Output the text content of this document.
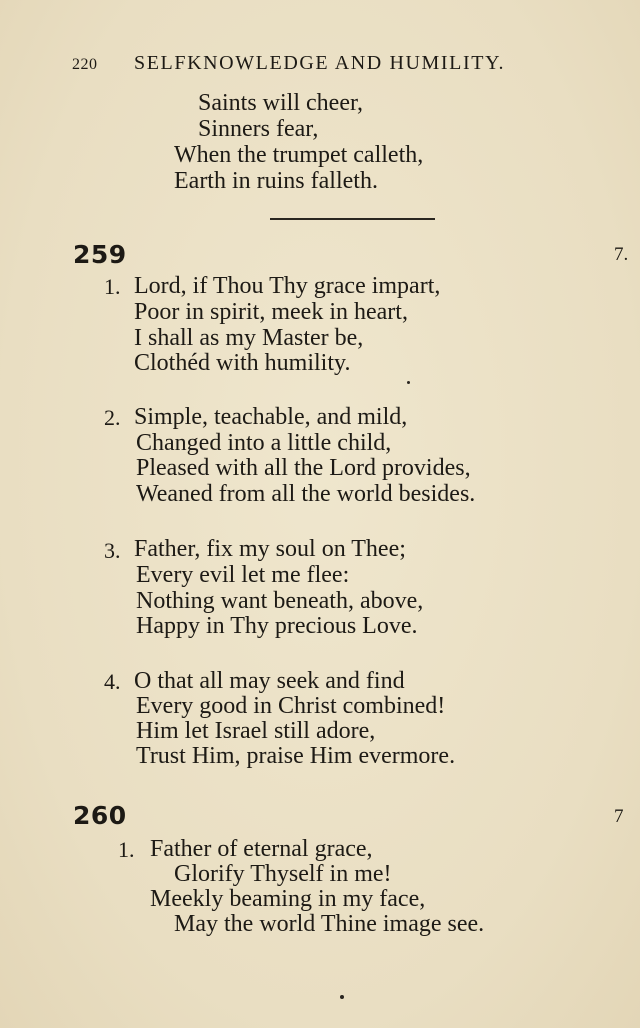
220 SELFKNOWLEDGE AND HUMILITY.
Saints will cheer,
Sinners fear,
When the trumpet calleth,
Earth in ruins falleth.
259	7.
1. Lord, if Thou Thy grace impart,
Poor in spirit, meek in heart,
I shall as my Master be,
Clothéd with humility.
2. Simple, teachable, and mild,
Changed into a little child,
Pleased with all the Lord provides,
Weaned from all the world besides.
3. Father, fix my soul on Thee;
Every evil let me flee:
Nothing want beneath, above,
Happy in Thy precious Love.
4. O that all may seek and find
Every good in Christ combined!
Him let Israel still adore,
Trust Him, praise Him evermore.
260	7
1. Father of eternal grace,
Glorify Thyself in me!
Meekly beaming in my face,
May the world Thine image see.
